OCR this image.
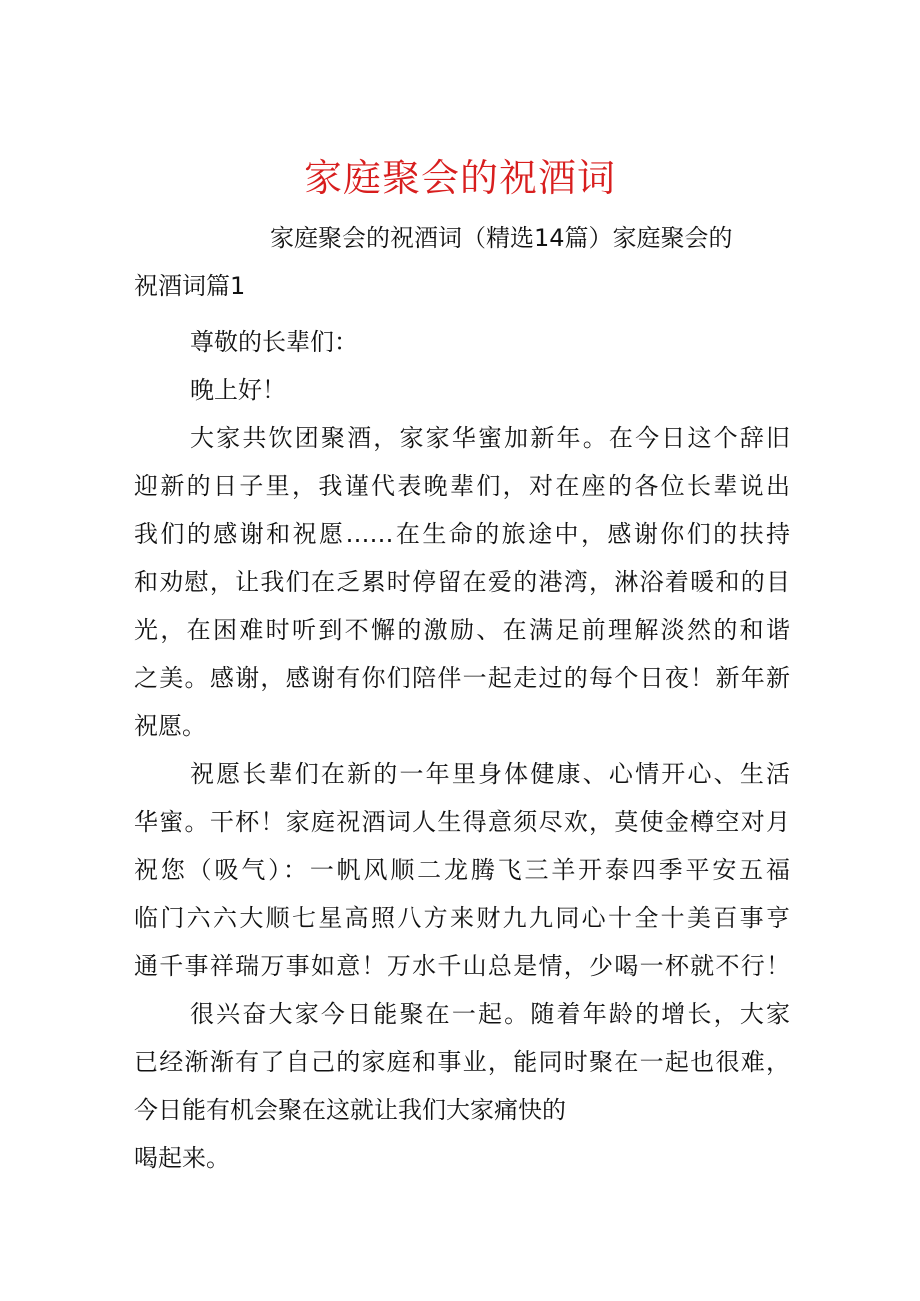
家庭聚会的祝酒词
家庭聚会的祝酒词（精选14篇）家庭聚会的
祝酒词篇1
尊敬的长辈们：
晚上好！
大家共饮团聚酒，家家华蜜加新年。在今日这个辞旧
迎新的日子里，我谨代表晚辈们，对在座的各位长辈说出
我们的感谢和祝愿……在生命的旅途中，感谢你们的扶持
和劝慰，让我们在乏累时停留在爱的港湾，淋浴着暖和的目
光，在困难时听到不懈的激励、在满足前理解淡然的和谐
之美。感谢，感谢有你们陪伴一起走过的每个日夜！新年新
祝愿。
祝愿长辈们在新的一年里身体健康、心情开心、生活
华蜜。干杯！家庭祝酒词人生得意须尽欢，莫使金樽空对月
祝您（吸气）：一帆风顺二龙腾飞三羊开泰四季平安五福
临门六六大顺七星高照八方来财九九同心十全十美百事亨
通千事祥瑞万事如意！万水千山总是情，少喝一杯就不行！
很兴奋大家今日能聚在一起。随着年龄的增长，大家
已经渐渐有了自己的家庭和事业，能同时聚在一起也很难，
今日能有机会聚在这就让我们大家痛快的
喝起来。
